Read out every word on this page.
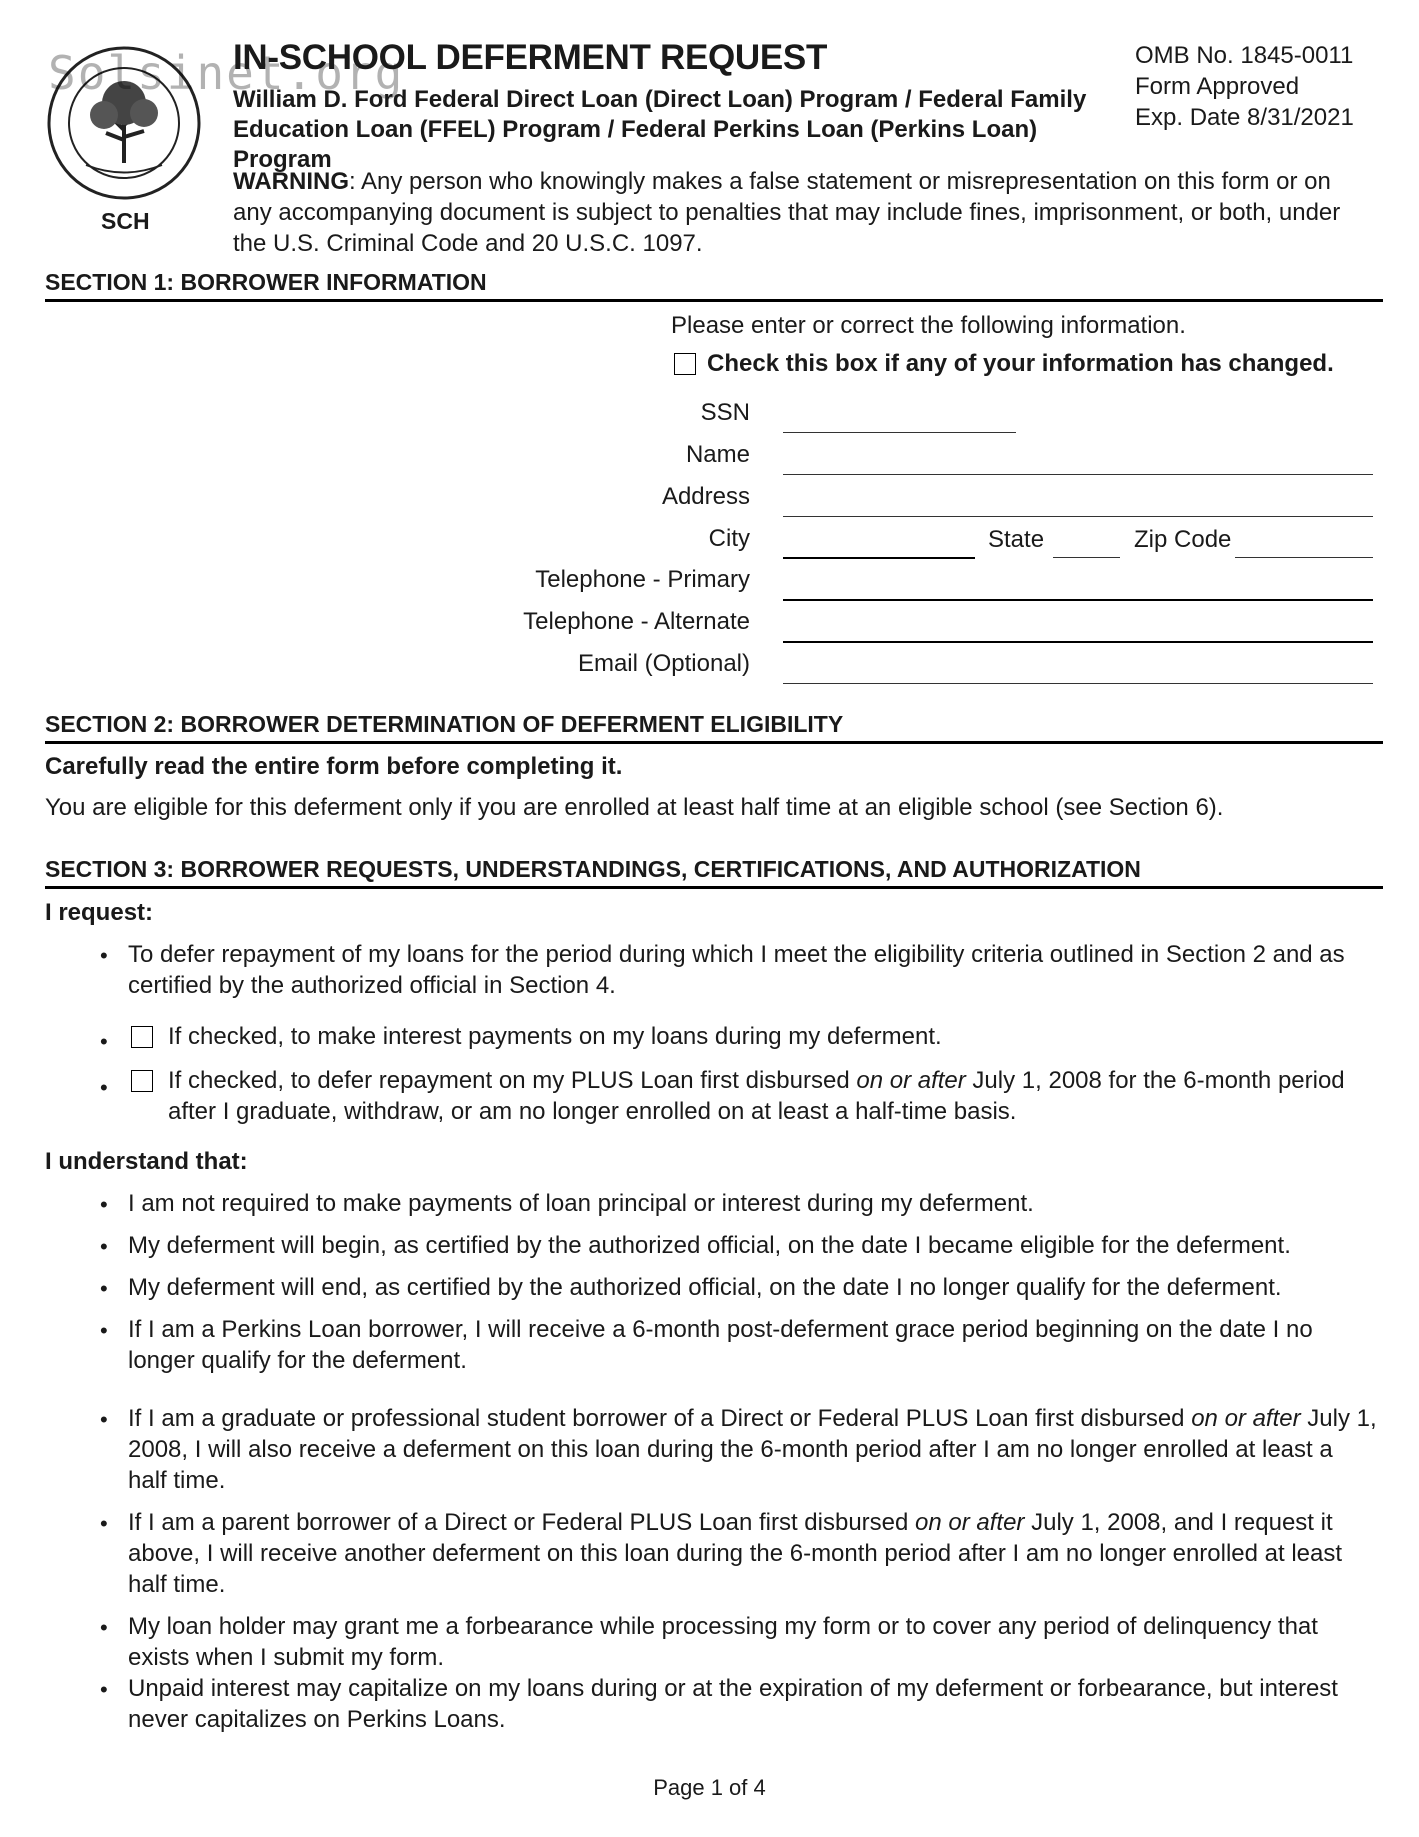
SCH
Solsinet.org
IN-SCHOOL DEFERMENT REQUEST
William D. Ford Federal Direct Loan (Direct Loan) Program / Federal Family
Education Loan (FFEL) Program / Federal Perkins Loan (Perkins Loan) Program
OMB No. 1845-0011
Form Approved
Exp. Date 8/31/2021
WARNING: Any person who knowingly makes a false statement or misrepresentation on this form or on any accompanying document is subject to penalties that may include fines, imprisonment, or both, under the U.S. Criminal Code and 20 U.S.C. 1097.
SECTION 1: BORROWER INFORMATION
Please enter or correct the following information.
Check this box if any of your information has changed.
SSN
Name
Address
City	State	Zip Code
Telephone - Primary
Telephone - Alternate
Email (Optional)
SECTION 2: BORROWER DETERMINATION OF DEFERMENT ELIGIBILITY
Carefully read the entire form before completing it.
You are eligible for this deferment only if you are enrolled at least half time at an eligible school (see Section 6).
SECTION 3: BORROWER REQUESTS, UNDERSTANDINGS, CERTIFICATIONS, AND AUTHORIZATION
I request:
• To defer repayment of my loans for the period during which I meet the eligibility criteria outlined in Section 2 and as certified by the authorized official in Section 4.
•	If checked, to make interest payments on my loans during my deferment.
•	If checked, to defer repayment on my PLUS Loan first disbursed on or after July 1, 2008 for the 6-month period after I graduate, withdraw, or am no longer enrolled on at least a half-time basis.
I understand that:
• I am not required to make payments of loan principal or interest during my deferment.
• My deferment will begin, as certified by the authorized official, on the date I became eligible for the deferment.
• My deferment will end, as certified by the authorized official, on the date I no longer qualify for the deferment.
• If I am a Perkins Loan borrower, I will receive a 6-month post-deferment grace period beginning on the date I no longer qualify for the deferment.
• If I am a graduate or professional student borrower of a Direct or Federal PLUS Loan first disbursed on or after July 1, 2008, I will also receive a deferment on this loan during the 6-month period after I am no longer enrolled at least a half time.
• If I am a parent borrower of a Direct or Federal PLUS Loan first disbursed on or after July 1, 2008, and I request it above, I will receive another deferment on this loan during the 6-month period after I am no longer enrolled at least half time.
• My loan holder may grant me a forbearance while processing my form or to cover any period of delinquency that exists when I submit my form.
• Unpaid interest may capitalize on my loans during or at the expiration of my deferment or forbearance, but interest never capitalizes on Perkins Loans.
Page 1 of 4
